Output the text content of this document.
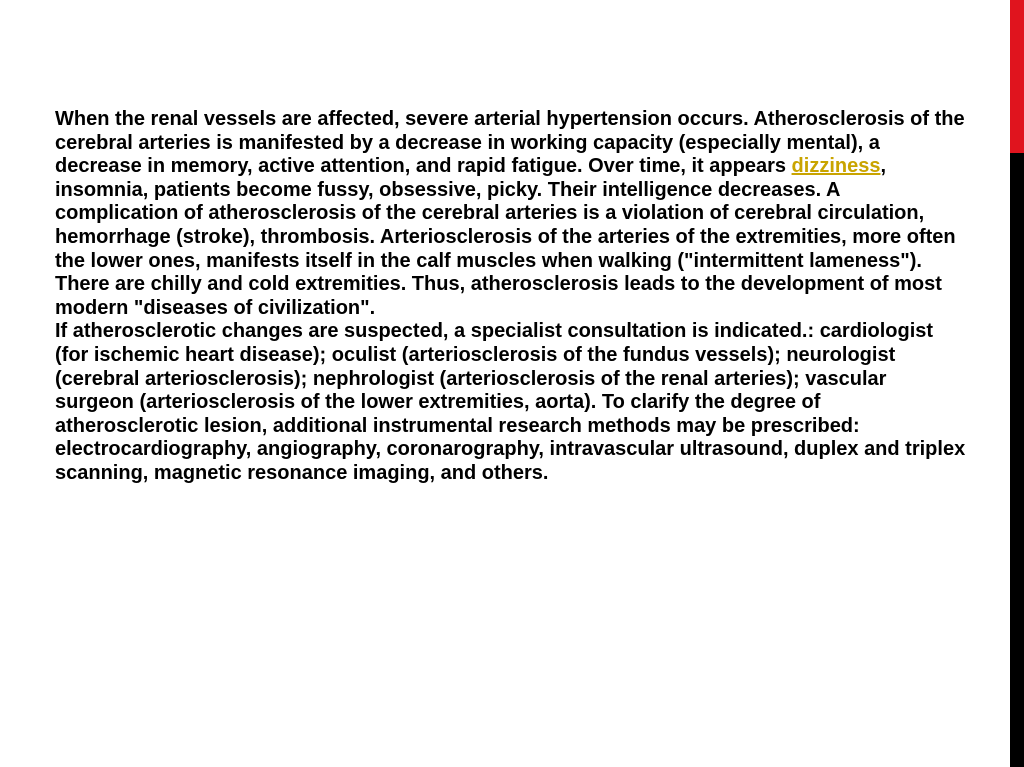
When the renal vessels are affected, severe arterial hypertension occurs. Atherosclerosis of the cerebral arteries is manifested by a decrease in working capacity (especially mental), a decrease in memory, active attention, and rapid fatigue. Over time, it appears dizziness, insomnia, patients become fussy, obsessive, picky. Their intelligence decreases. A complication of atherosclerosis of the cerebral arteries is a violation of cerebral circulation, hemorrhage (stroke), thrombosis. Arteriosclerosis of the arteries of the extremities, more often the lower ones, manifests itself in the calf muscles when walking ("intermittent lameness"). There are chilly and cold extremities. Thus, atherosclerosis leads to the development of most modern "diseases of civilization".

If atherosclerotic changes are suspected, a specialist consultation is indicated.: cardiologist (for ischemic heart disease); oculist (arteriosclerosis of the fundus vessels); neurologist (cerebral arteriosclerosis); nephrologist (arteriosclerosis of the renal arteries); vascular surgeon (arteriosclerosis of the lower extremities, aorta). To clarify the degree of atherosclerotic lesion, additional instrumental research methods may be prescribed: electrocardiography, angiography, coronarography, intravascular ultrasound, duplex and triplex scanning, magnetic resonance imaging, and others.
